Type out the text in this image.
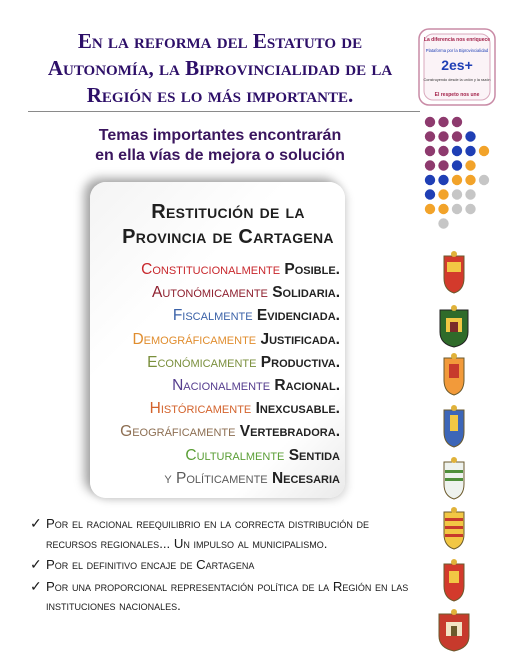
En la reforma del Estatuto de Autonomía, la Biprovincialidad de la Región es lo más importante.
La diferencia nos enriquece
Plataforma por la Biprovincialidad
2es+
Construyendo desde la unión y la razón
El respeto nos une
Temas importantes encontrarán
en ella vías de mejora o solución
Restitución de la
Provincia de Cartagena
Constitucionalmente Posible.
Autonómicamente Solidaria.
Fiscalmente Evidenciada.
Demográficamente Justificada.
Económicamente Productiva.
Nacionalmente Racional.
Históricamente Inexcusable.
Geográficamente Vertebradora.
Culturalmente Sentida
y Políticamente Necesaria
✓ Por el racional reequilibrio en la correcta distribución de recursos regionales... Un impulso al municipalismo.
✓ Por el definitivo encaje de Cartagena
✓ Por una proporcional representación política de la Región en las instituciones nacionales.
